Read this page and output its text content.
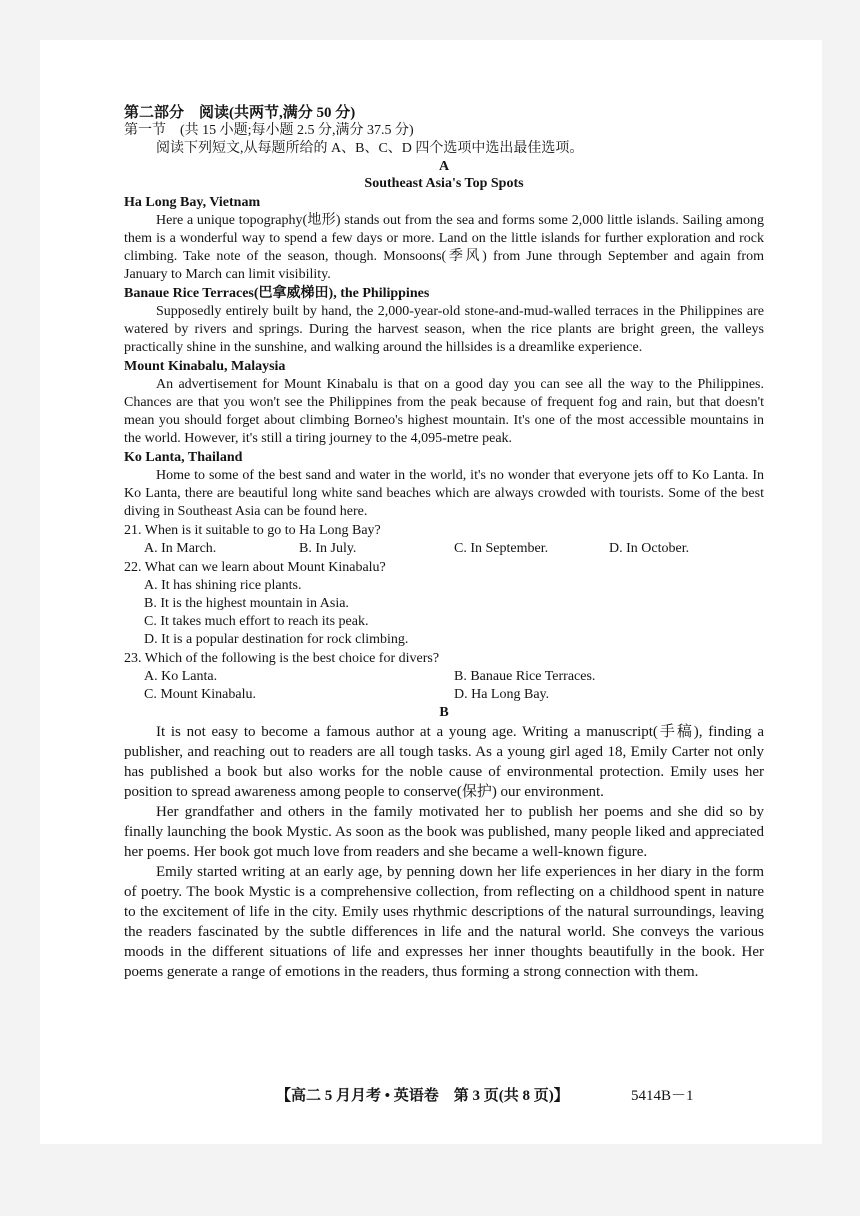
第二部分　阅读(共两节,满分 50 分)
第一节　(共 15 小题;每小题 2.5 分,满分 37.5 分)
阅读下列短文,从每题所给的 A、B、C、D 四个选项中选出最佳选项。
A
Southeast Asia's Top Spots
Ha Long Bay, Vietnam
Here a unique topography(地形) stands out from the sea and forms some 2,000 little islands. Sailing among them is a wonderful way to spend a few days or more. Land on the little islands for further exploration and rock climbing. Take note of the season, though. Monsoons(季风) from June through September and again from January to March can limit visibility.
Banaue Rice Terraces(巴拿威梯田), the Philippines
Supposedly entirely built by hand, the 2,000-year-old stone-and-mud-walled terraces in the Philippines are watered by rivers and springs. During the harvest season, when the rice plants are bright green, the valleys practically shine in the sunshine, and walking around the hillsides is a dreamlike experience.
Mount Kinabalu, Malaysia
An advertisement for Mount Kinabalu is that on a good day you can see all the way to the Philippines. Chances are that you won't see the Philippines from the peak because of frequent fog and rain, but that doesn't mean you should forget about climbing Borneo's highest mountain. It's one of the most accessible mountains in the world. However, it's still a tiring journey to the 4,095-metre peak.
Ko Lanta, Thailand
Home to some of the best sand and water in the world, it's no wonder that everyone jets off to Ko Lanta. In Ko Lanta, there are beautiful long white sand beaches which are always crowded with tourists. Some of the best diving in Southeast Asia can be found here.
21. When is it suitable to go to Ha Long Bay?
A. In March.	B. In July.	C. In September.	D. In October.
22. What can we learn about Mount Kinabalu?
A. It has shining rice plants.
B. It is the highest mountain in Asia.
C. It takes much effort to reach its peak.
D. It is a popular destination for rock climbing.
23. Which of the following is the best choice for divers?
A. Ko Lanta.	B. Banaue Rice Terraces.
C. Mount Kinabalu.	D. Ha Long Bay.
B
It is not easy to become a famous author at a young age. Writing a manuscript(手稿), finding a publisher, and reaching out to readers are all tough tasks. As a young girl aged 18, Emily Carter not only has published a book but also works for the noble cause of environmental protection. Emily uses her position to spread awareness among people to conserve(保护) our environment.
Her grandfather and others in the family motivated her to publish her poems and she did so by finally launching the book Mystic. As soon as the book was published, many people liked and appreciated her poems. Her book got much love from readers and she became a well-known figure.
Emily started writing at an early age, by penning down her life experiences in her diary in the form of poetry. The book Mystic is a comprehensive collection, from reflecting on a childhood spent in nature to the excitement of life in the city. Emily uses rhythmic descriptions of the natural surroundings, leaving the readers fascinated by the subtle differences in life and the natural world. She conveys the various moods in the different situations of life and expresses her inner thoughts beautifully in the book. Her poems generate a range of emotions in the readers, thus forming a strong connection with them.
【高二 5 月月考 • 英语卷　第 3 页(共 8 页)】	5414B－1
